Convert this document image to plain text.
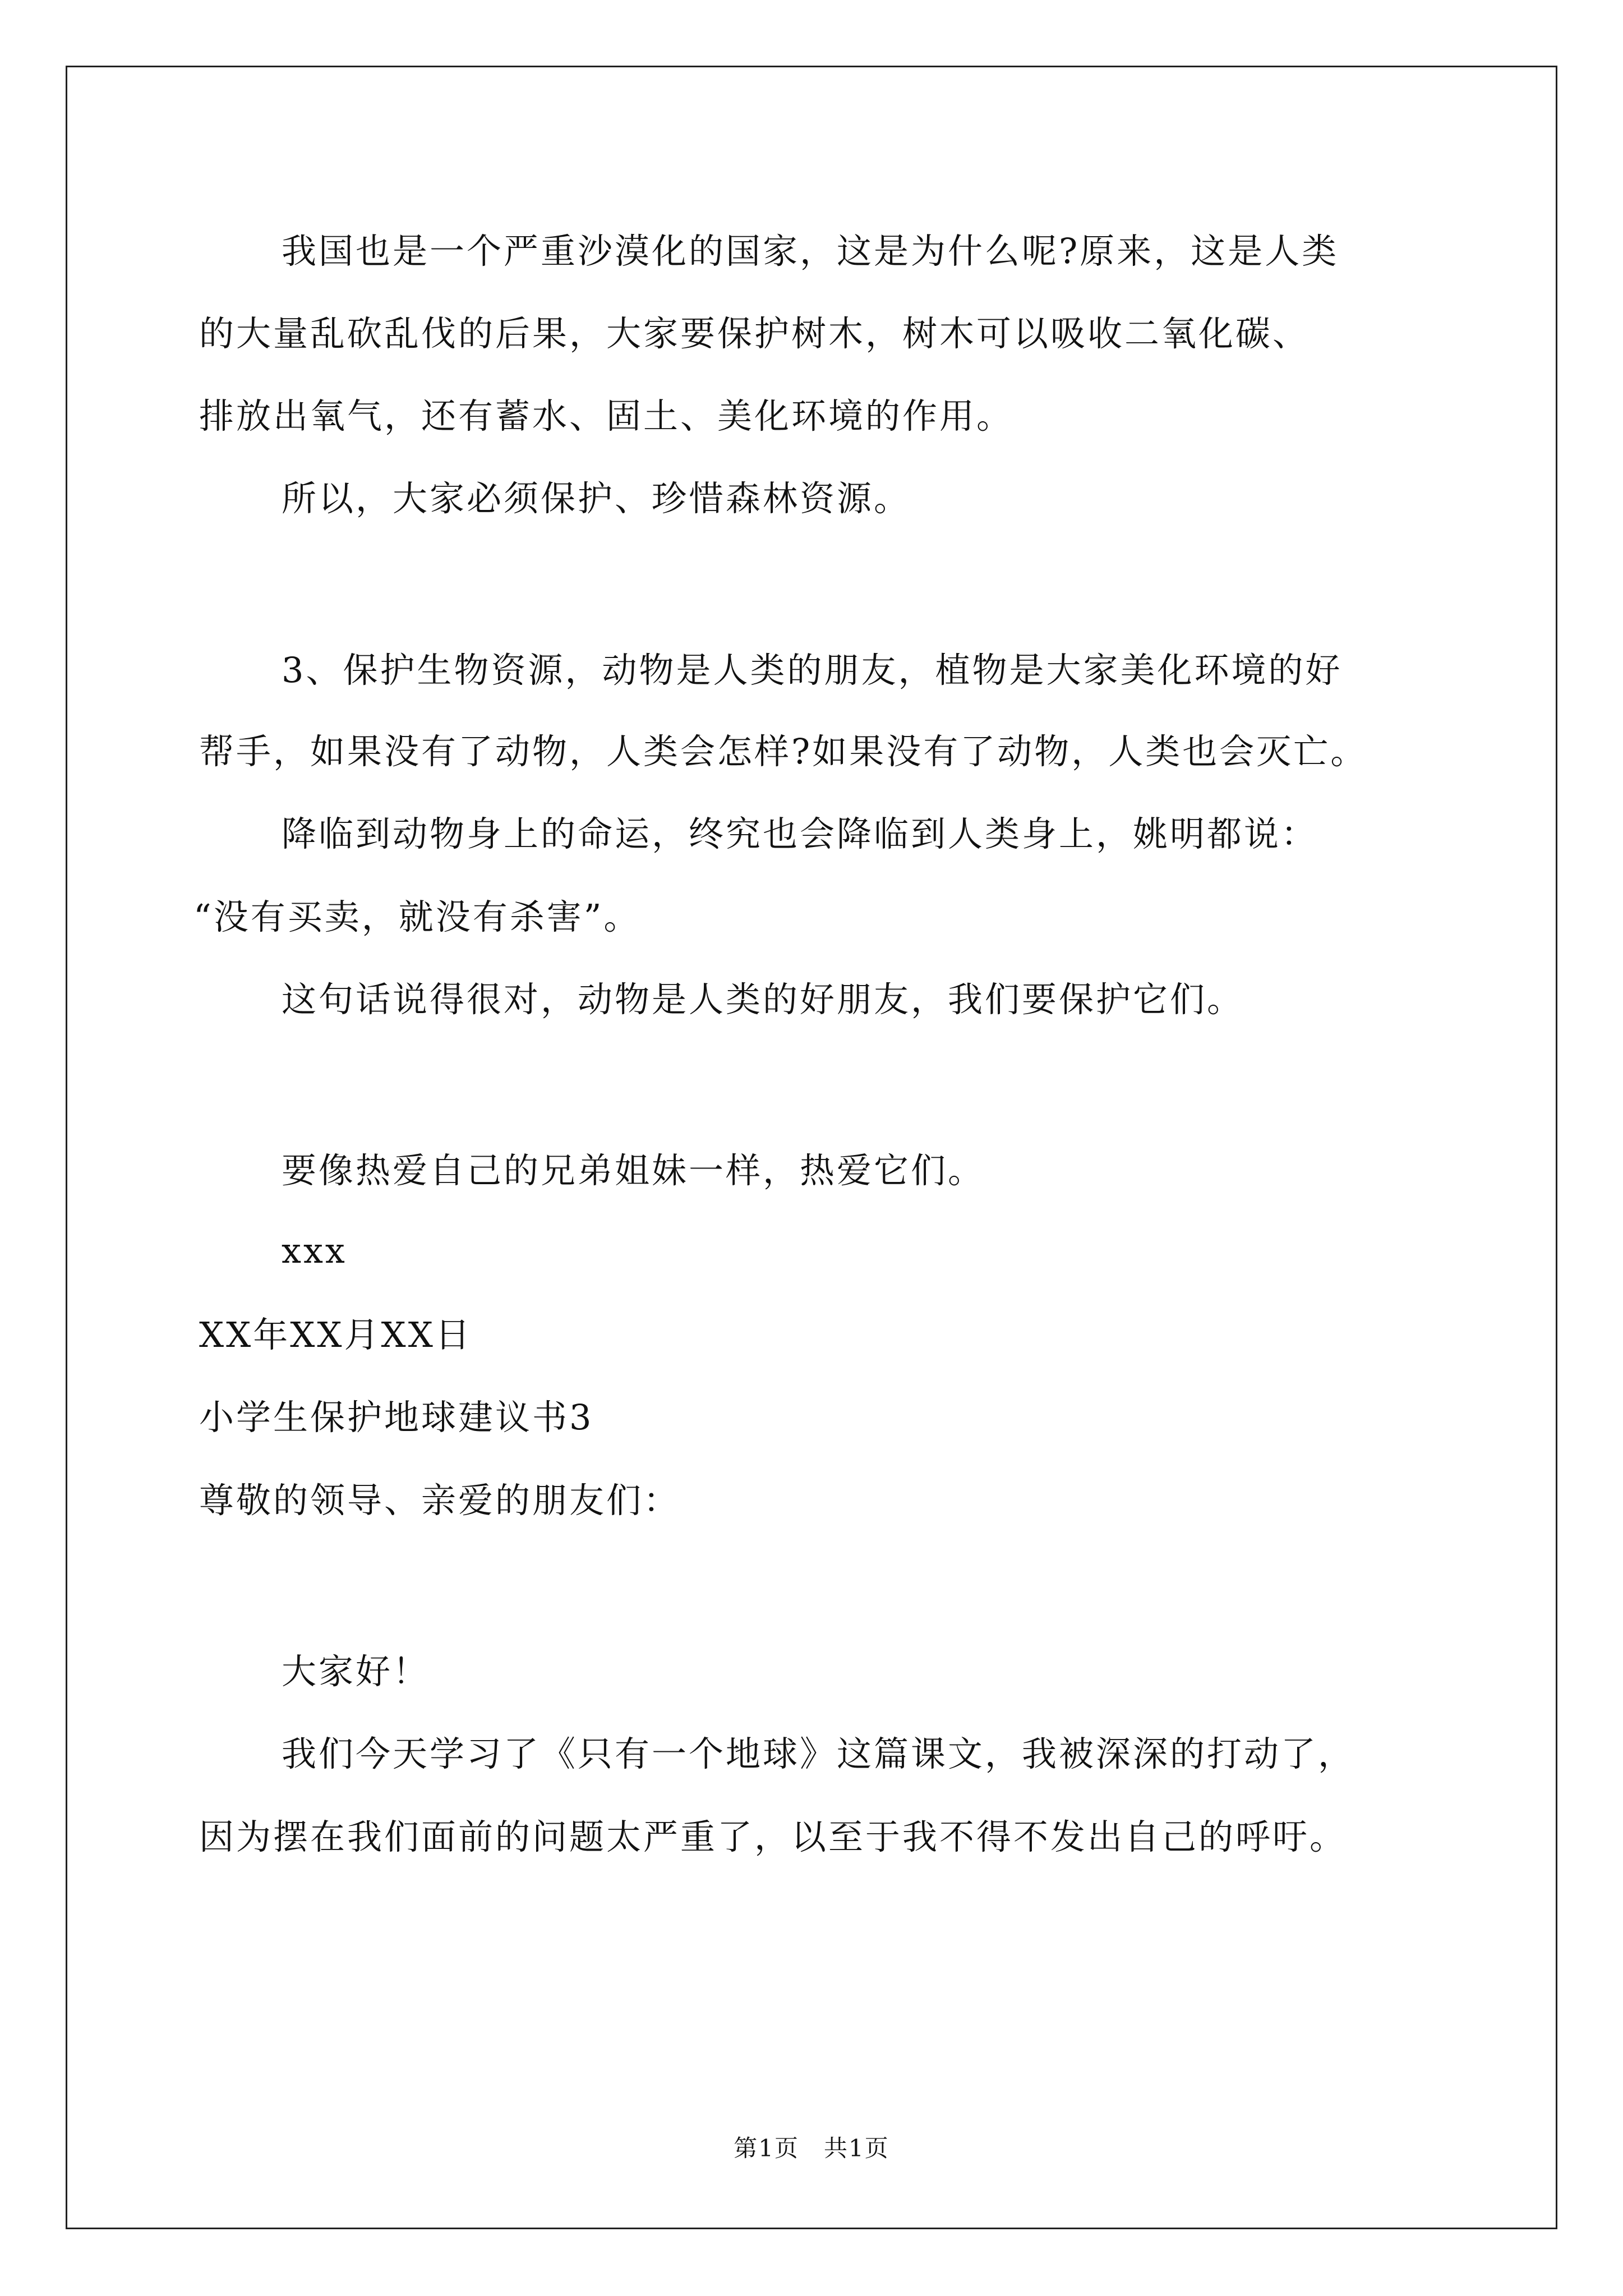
我国也是一个严重沙漠化的国家，这是为什么呢?原来，这是人类
的大量乱砍乱伐的后果，大家要保护树木，树木可以吸收二氧化碳、
排放出氧气，还有蓄水、固土、美化环境的作用。
所以，大家必须保护、珍惜森林资源。
3、保护生物资源，动物是人类的朋友，植物是大家美化环境的好
帮手，如果没有了动物，人类会怎样?如果没有了动物，人类也会灭亡。
降临到动物身上的命运，终究也会降临到人类身上，姚明都说：
“没有买卖，就没有杀害”。
这句话说得很对，动物是人类的好朋友，我们要保护它们。
要像热爱自己的兄弟姐妹一样，热爱它们。
xxx
XX年XX月XX日
小学生保护地球建议书3
尊敬的领导、亲爱的朋友们：
大家好！
我们今天学习了《只有一个地球》这篇课文，我被深深的打动了，
因为摆在我们面前的问题太严重了，以至于我不得不发出自己的呼吁。
第1页　共1页
